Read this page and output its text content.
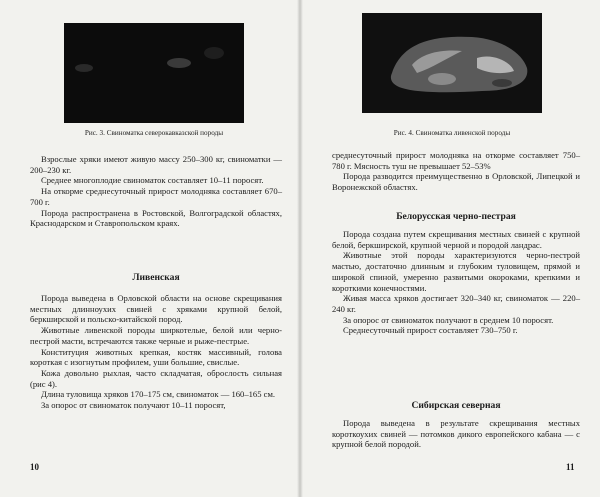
Рис. 3. Свиноматка северокавказской породы

Взрослые хряки имеют живую массу 250–300 кг, свиноматки — 200–230 кг.

Среднее многоплодие свиноматок составляет 10–11 поросят.

На откорме среднесуточный прирост молодняка составляет 670–700 г.

Порода распространена в Ростовской, Волгоградской областях, Краснодарском и Ставропольском краях.

Ливенская

Порода выведена в Орловской области на основе скрещивания местных длинноухих свиней с хряками крупной белой, беркширской и польско-китайской пород.

Животные ливенской породы ширкотелые, белой или черно-пестрой масти, встречаются также черные и рыже-пестрые.

Конституция животных крепкая, костяк массивный, голова короткая с изогнутым профилем, уши большие, свислые.

Кожа довольно рыхлая, часто складчатая, оброслость сильная (рис 4).

Длина туловища хряков 170–175 см, свиноматок — 160–165 см.

За опорос от свиноматок получают 10–11 поросят,

10
Рис. 4. Свиноматка ливенской породы

среднесуточный прирост молодняка на откорме составляет 750–780 г. Мясность туш не превышает 52–53%

Порода разводится преимущественно в Орловской, Липецкой и Воронежской областях.

Белорусская черно-пестрая

Порода создана путем скрещивания местных свиней с крупной белой, беркширской, крупной черной и породой ландрас.

Животные этой породы характеризуются черно-пестрой мастью, достаточно длинным и глубоким туловищем, прямой и широкой спиной, умеренно развитыми окороками, крепкими и короткими конечностями.

Живая масса хряков достигает 320–340 кг, свиноматок — 220–240 кг.

За опорос от свиноматок получают в среднем 10 поросят.

Среднесуточный прирост составляет 730–750 г.

Сибирская северная

Порода выведена в результате скрещивания местных короткоухих свиней — потомков дикого европейского кабана — с крупной белой породой.

11
